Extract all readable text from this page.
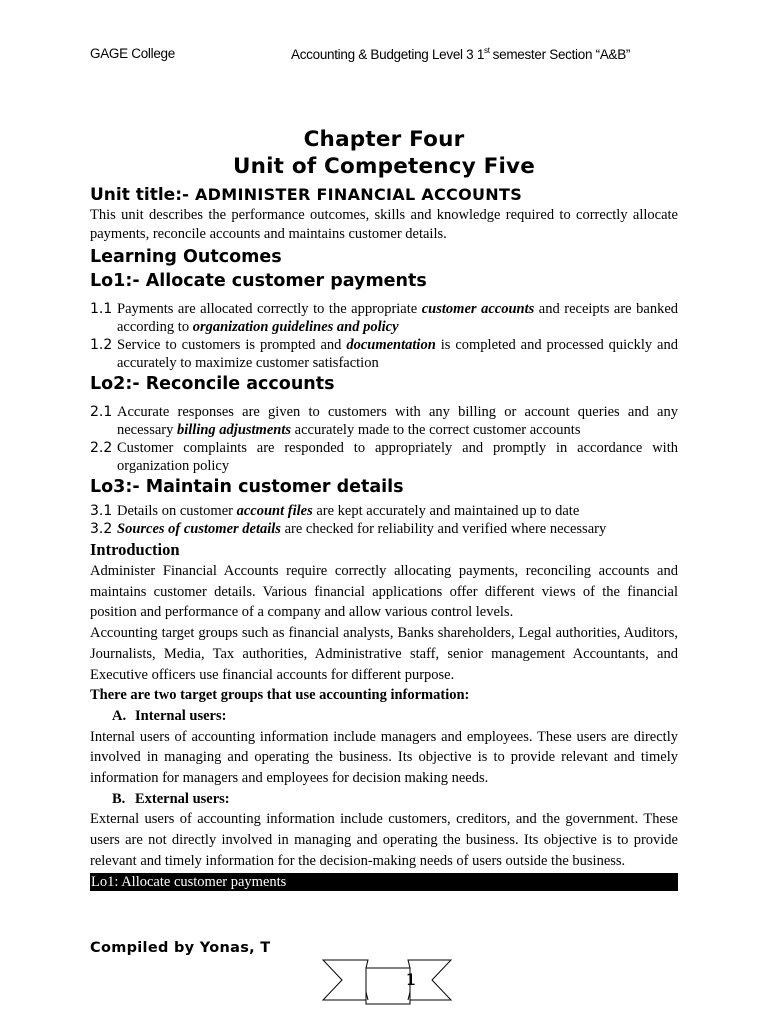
GAGE College	Accounting & Budgeting Level 3 1st semester Section “A&B”
Chapter Four
Unit of Competency Five
Unit title:- ADMINISTER FINANCIAL ACCOUNTS

This unit describes the performance outcomes, skills and knowledge required to correctly allocate payments, reconcile accounts and maintains customer details.

Learning Outcomes
Lo1:- Allocate customer payments
1.1 Payments are allocated correctly to the appropriate customer accounts and receipts are banked according to organization guidelines and policy
1.2 Service to customers is prompted and documentation is completed and processed quickly and accurately to maximize customer satisfaction
Lo2:- Reconcile accounts
2.1 Accurate responses are given to customers with any billing or account queries and any necessary billing adjustments accurately made to the correct customer accounts
2.2 Customer complaints are responded to appropriately and promptly in accordance with organization policy
Lo3:- Maintain customer details
3.1 Details on customer account files are kept accurately and maintained up to date
3.2 Sources of customer details are checked for reliability and verified where necessary
Introduction

Administer Financial Accounts require correctly allocating payments, reconciling accounts and maintains customer details. Various financial applications offer different views of the financial position and performance of a company and allow various control levels.

Accounting target groups such as financial analysts, Banks shareholders, Legal authorities, Auditors, Journalists, Media, Tax authorities, Administrative staff, senior management Accountants, and Executive officers use financial accounts for different purpose.

There are two target groups that use accounting information:
A. Internal users:

Internal users of accounting information include managers and employees. These users are directly involved in managing and operating the business. Its objective is to provide relevant and timely information for managers and employees for decision making needs.

B. External users:

External users of accounting information include customers, creditors, and the government. These users are not directly involved in managing and operating the business. Its objective is to provide relevant and timely information for the decision-making needs of users outside the business.

Lo1: Allocate customer payments
Compiled by Yonas, T
1
